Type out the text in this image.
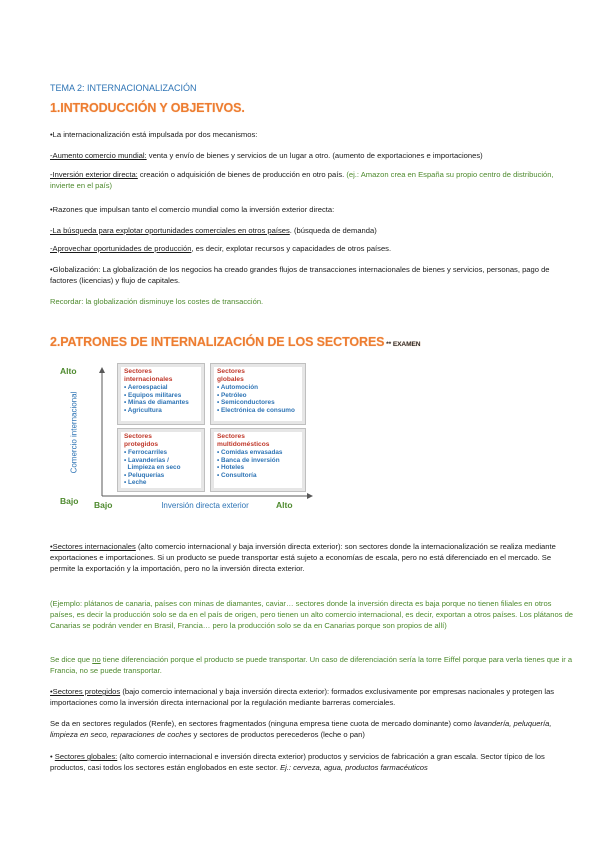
TEMA 2: INTERNACIONALIZACIÓN

1.INTRODUCCIÓN Y OBJETIVOS.

•La internacionalización está impulsada por dos mecanismos:

-Aumento comercio mundial: venta y envío de bienes y servicios de un lugar a otro. (aumento de exportaciones e importaciones)

-Inversión exterior directa: creación o adquisición de bienes de producción en otro país. (ej.: Amazon crea en España su propio centro de distribución, invierte en el país)

•Razones que impulsan tanto el comercio mundial como la inversión exterior directa:

-La búsqueda para explotar oportunidades comerciales en otros países. (búsqueda de demanda)

-Aprovechar oportunidades de producción, es decir, explotar recursos y capacidades de otros países.

•Globalización: La globalización de los negocios ha creado grandes flujos de transacciones internacionales de bienes y servicios, personas, pago de factores (licencias) y flujo de capitales.

Recordar: la globalización disminuye los costes de transacción.

2.PATRONES DE INTERNALIZACIÓN DE LOS SECTORES ** EXAMEN

Alto
Bajo Bajo	Alto
Comercio internacional
Inversión directa exterior
Sectores
internacionales
• Aeroespacial
• Equipos militares
• Minas de diamantes
• Agricultura
Sectores
globales
• Automoción
• Petróleo
• Semiconductores
• Electrónica de consumo
Sectores
protegidos
• Ferrocarriles
• Lavanderías /
Limpieza en seco
• Peluquerías
• Leche
Sectores
multidomésticos
• Comidas envasadas
• Banca de inversión
• Hoteles
• Consultoría

•Sectores internacionales (alto comercio internacional y baja inversión directa exterior): son sectores donde la internacionalización se realiza mediante exportaciones e importaciones. Si un producto se puede transportar está sujeto a economías de escala, pero no está diferenciado en el mercado. Se permite la exportación y la importación, pero no la inversión directa exterior.

(Ejemplo: plátanos de canaria, países con minas de diamantes, caviar… sectores donde la inversión directa es baja porque no tienen filiales en otros países, es decir la producción solo se da en el país de origen, pero tienen un alto comercio internacional, es decir, exportan a otros países. Los plátanos de Canarias se podrán vender en Brasil, Francia… pero la producción solo se da en Canarias porque son propios de allí)

Se dice que no tiene diferenciación porque el producto se puede transportar. Un caso de diferenciación sería la torre Eiffel porque para verla tienes que ir a Francia, no se puede transportar.

•Sectores protegidos (bajo comercio internacional y baja inversión directa exterior): formados exclusivamente por empresas nacionales y protegen las importaciones como la inversión directa internacional por la regulación mediante barreras comerciales.

Se da en sectores regulados (Renfe), en sectores fragmentados (ninguna empresa tiene cuota de mercado dominante) como lavandería, peluquería, limpieza en seco, reparaciones de coches y sectores de productos perecederos (leche o pan)

• Sectores globales: (alto comercio internacional e inversión directa exterior) productos y servicios de fabricación a gran escala. Sector típico de los productos, casi todos los sectores están englobados en este sector. Ej.: cerveza, agua, productos farmacéuticos
